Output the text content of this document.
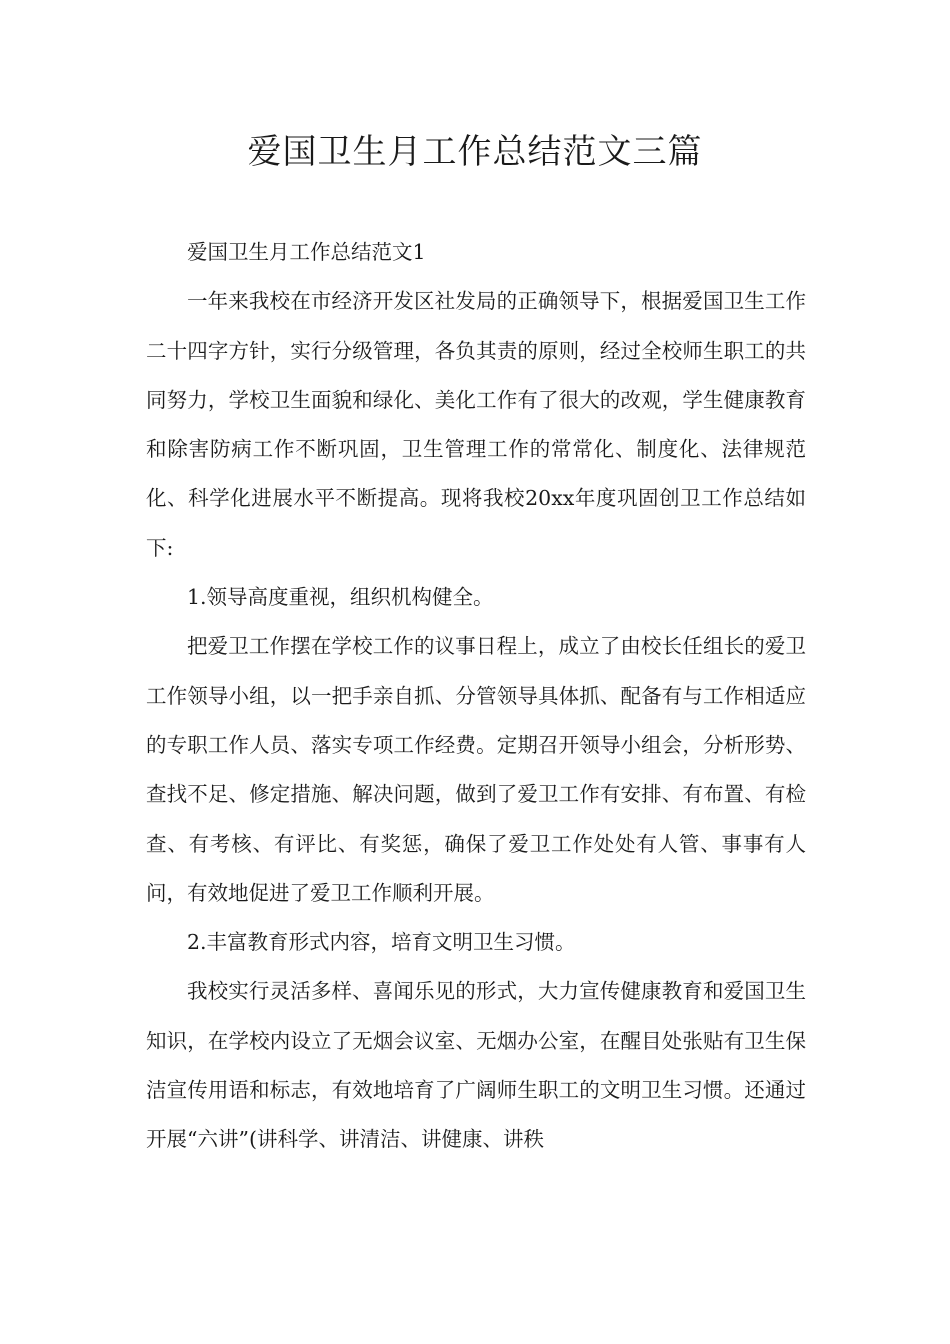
爱国卫生月工作总结范文三篇

爱国卫生月工作总结范文1

一年来我校在市经济开发区社发局的正确领导下，根据爱国卫生工作二十四字方针，实行分级管理，各负其责的原则，经过全校师生职工的共同努力，学校卫生面貌和绿化、美化工作有了很大的改观，学生健康教育和除害防病工作不断巩固，卫生管理工作的常常化、制度化、法律规范化、科学化进展水平不断提高。现将我校20xx年度巩固创卫工作总结如下:

1.领导高度重视，组织机构健全。

把爱卫工作摆在学校工作的议事日程上，成立了由校长任组长的爱卫工作领导小组，以一把手亲自抓、分管领导具体抓、配备有与工作相适应的专职工作人员、落实专项工作经费。定期召开领导小组会，分析形势、查找不足、修定措施、解决问题，做到了爱卫工作有安排、有布置、有检查、有考核、有评比、有奖惩，确保了爱卫工作处处有人管、事事有人问，有效地促进了爱卫工作顺利开展。

2.丰富教育形式内容，培育文明卫生习惯。

我校实行灵活多样、喜闻乐见的形式，大力宣传健康教育和爱国卫生知识，在学校内设立了无烟会议室、无烟办公室，在醒目处张贴有卫生保洁宣传用语和标志，有效地培育了广阔师生职工的文明卫生习惯。还通过开展“六讲”(讲科学、讲清洁、讲健康、讲秩
